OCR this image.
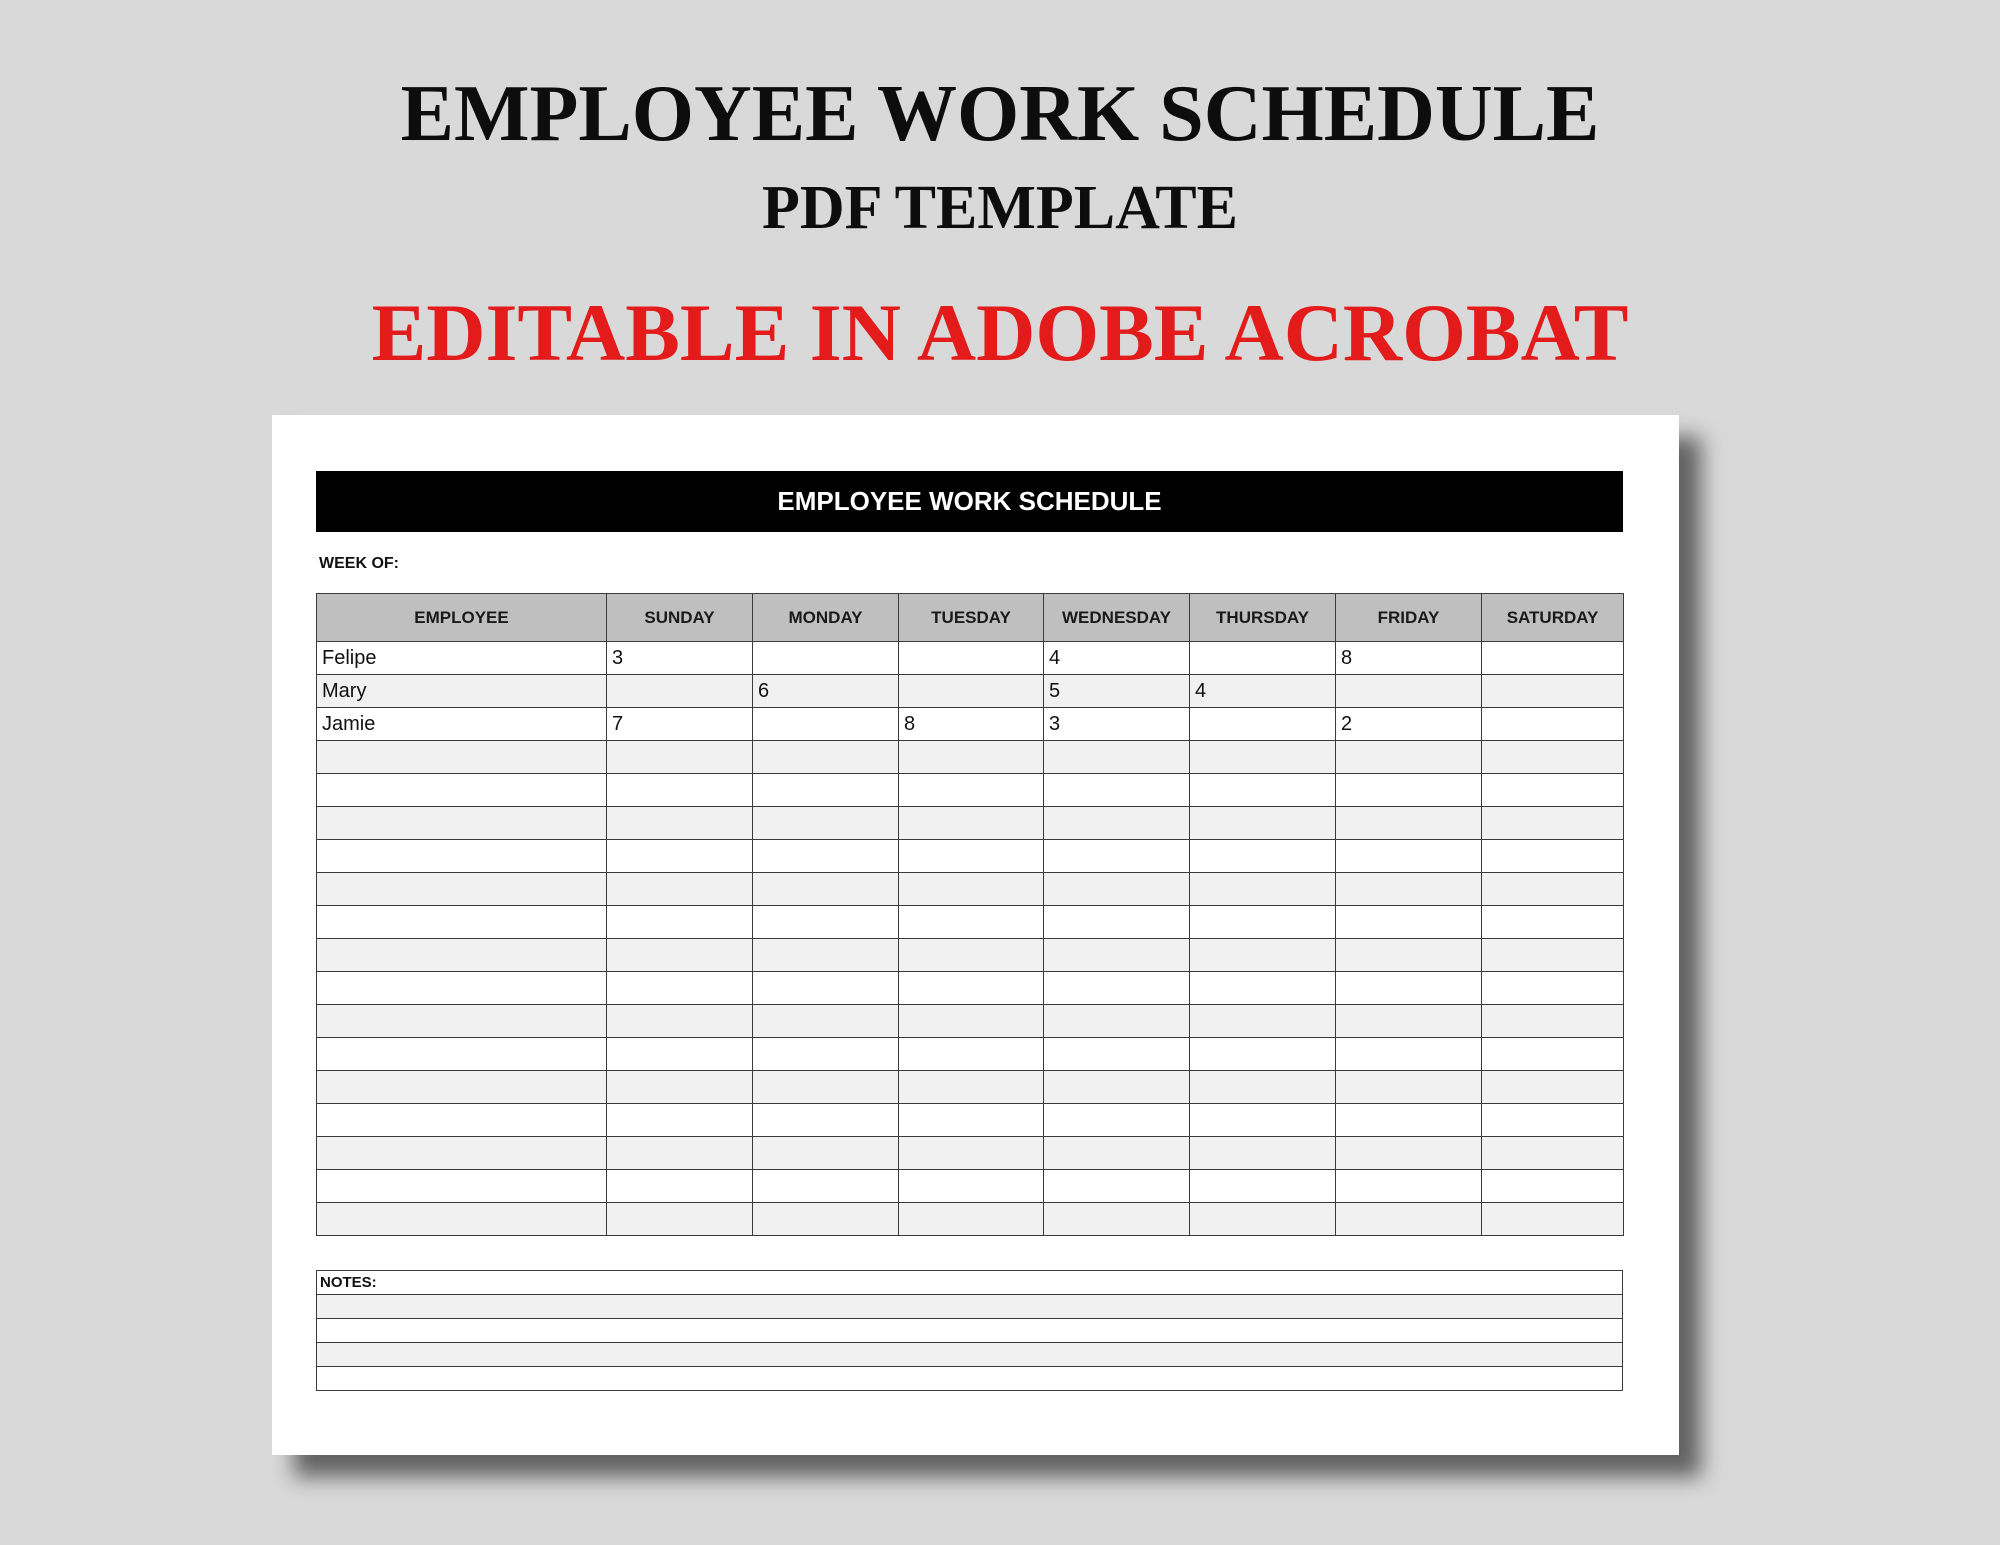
EMPLOYEE WORK SCHEDULE
PDF TEMPLATE
EDITABLE IN ADOBE ACROBAT
EMPLOYEE WORK SCHEDULE
WEEK OF:
EMPLOYEE	SUNDAY	MONDAY	TUESDAY	WEDNESDAY	THURSDAY	FRIDAY	SATURDAY
Felipe	3			4		8	
Mary		6		5	4		
Jamie	7		8	3		2	

NOTES:
